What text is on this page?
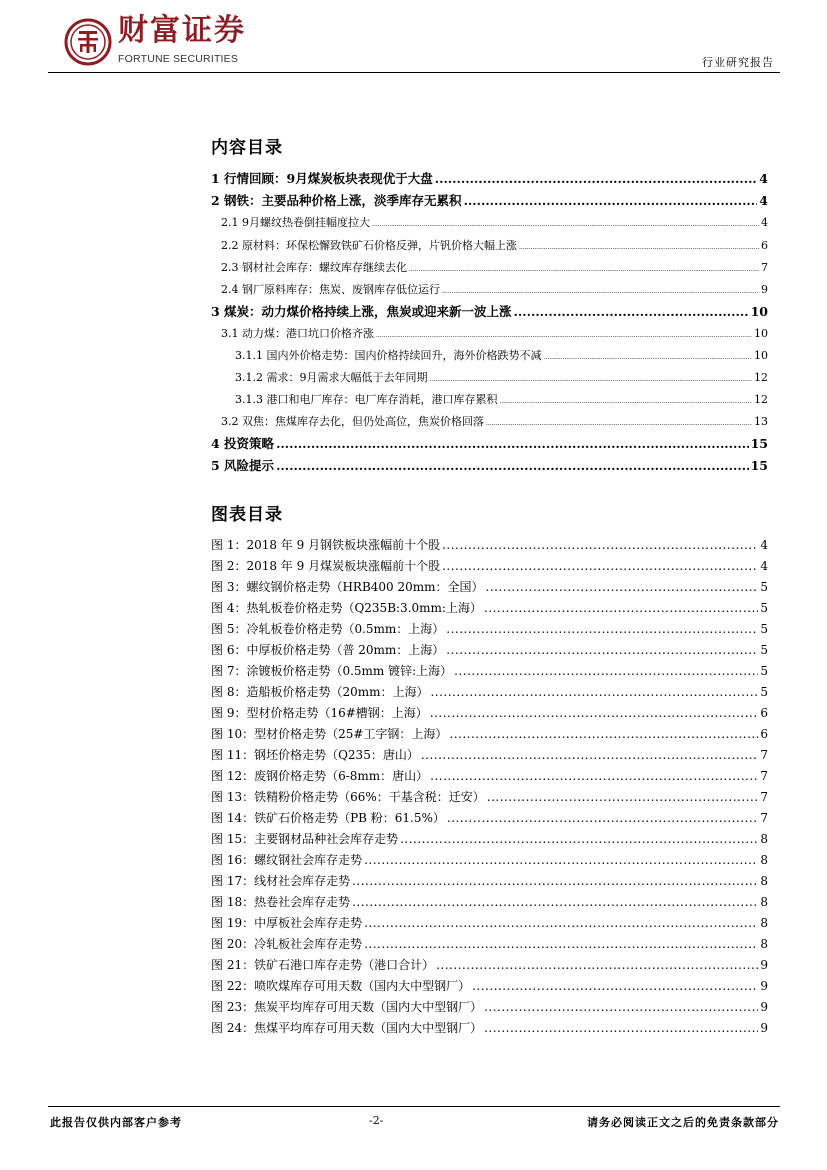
财富证券
FORTUNE SECURITIES	行业研究报告
内容目录
1 行情回顾：9月煤炭板块表现优于大盘 .....	4
2 钢铁：主要品种价格上涨，淡季库存无累积 .....	4
2.1 9月螺纹热卷倒挂幅度拉大 .....	4
2.2 原材料：环保松懈致铁矿石价格反弹，片钒价格大幅上涨 .....	6
2.3 钢材社会库存：螺纹库存继续去化 .....	7
2.4 钢厂原料库存：焦炭、废钢库存低位运行 .....	9
3 煤炭：动力煤价格持续上涨，焦炭或迎来新一波上涨 .....	10
3.1 动力煤：港口坑口价格齐涨 .....	10
3.1.1 国内外价格走势：国内价格持续回升，海外价格跌势不减 .....	10
3.1.2 需求：9月需求大幅低于去年同期 .....	12
3.1.3 港口和电厂库存：电厂库存消耗，港口库存累积 .....	12
3.2 双焦：焦煤库存去化，但仍处高位，焦炭价格回落 .....	13
4 投资策略 .....	15
5 风险提示 .....	15
图表目录
图 1：2018 年 9 月钢铁板块涨幅前十个股 .....	4
图 2：2018 年 9 月煤炭板块涨幅前十个股 .....	4
图 3：螺纹钢价格走势（HRB400 20mm：全国） .....	5
图 4：热轧板卷价格走势（Q235B:3.0mm:上海） .....	5
图 5：冷轧板卷价格走势（0.5mm：上海） .....	5
图 6：中厚板价格走势（普 20mm：上海） .....	5
图 7：涂镀板价格走势（0.5mm 镀锌:上海） .....	5
图 8：造船板价格走势（20mm：上海） .....	5
图 9：型材价格走势（16#槽钢：上海） .....	6
图 10：型材价格走势（25#工字钢：上海） .....	6
图 11：钢坯价格走势（Q235：唐山） .....	7
图 12：废钢价格走势（6-8mm：唐山） .....	7
图 13：铁精粉价格走势（66%：干基含税：迁安） .....	7
图 14：铁矿石价格走势（PB 粉：61.5%） .....	7
图 15：主要钢材品种社会库存走势 .....	8
图 16：螺纹钢社会库存走势 .....	8
图 17：线材社会库存走势 .....	8
图 18：热卷社会库存走势 .....	8
图 19：中厚板社会库存走势 .....	8
图 20：冷轧板社会库存走势 .....	8
图 21：铁矿石港口库存走势（港口合计） .....	9
图 22：喷吹煤库存可用天数（国内大中型钢厂） .....	9
图 23：焦炭平均库存可用天数（国内大中型钢厂） .....	9
图 24：焦煤平均库存可用天数（国内大中型钢厂） .....	9
此报告仅供内部客户参考	-2-	请务必阅读正文之后的免责条款部分
